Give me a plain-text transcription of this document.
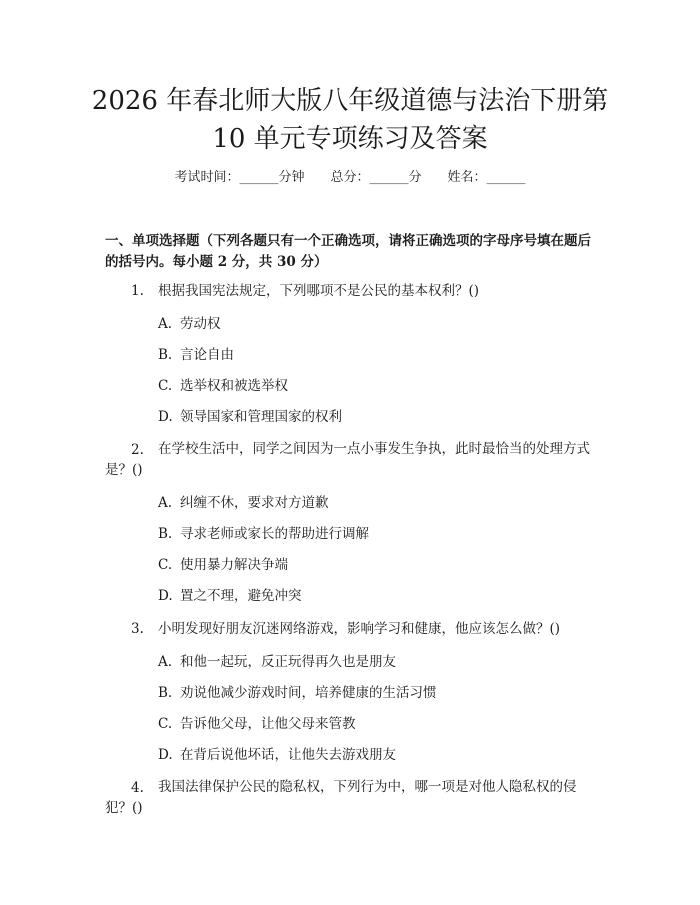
2026 年春北师大版八年级道德与法治下册第
10 单元专项练习及答案
考试时间：______分钟 总分：______分 姓名：______

一、单项选择题（下列各题只有一个正确选项，请将正确选项的字母序号填在题后的括号内。每小题 2 分，共 30 分）

1. 根据我国宪法规定，下列哪项不是公民的基本权利？()
A. 劳动权
B. 言论自由
C. 选举权和被选举权
D. 领导国家和管理国家的权利
2.	在学校生活中，同学之间因为一点小事发生争执，此时最恰当的处理方式是？()
A. 纠缠不休，要求对方道歉
B. 寻求老师或家长的帮助进行调解
C. 使用暴力解决争端
D. 置之不理，避免冲突
3. 小明发现好朋友沉迷网络游戏，影响学习和健康，他应该怎么做？()
A. 和他一起玩，反正玩得再久也是朋友
B. 劝说他减少游戏时间，培养健康的生活习惯
C. 告诉他父母，让他父母来管教
D. 在背后说他坏话，让他失去游戏朋友
4.	我国法律保护公民的隐私权，下列行为中，哪一项是对他人隐私权的侵犯？()
